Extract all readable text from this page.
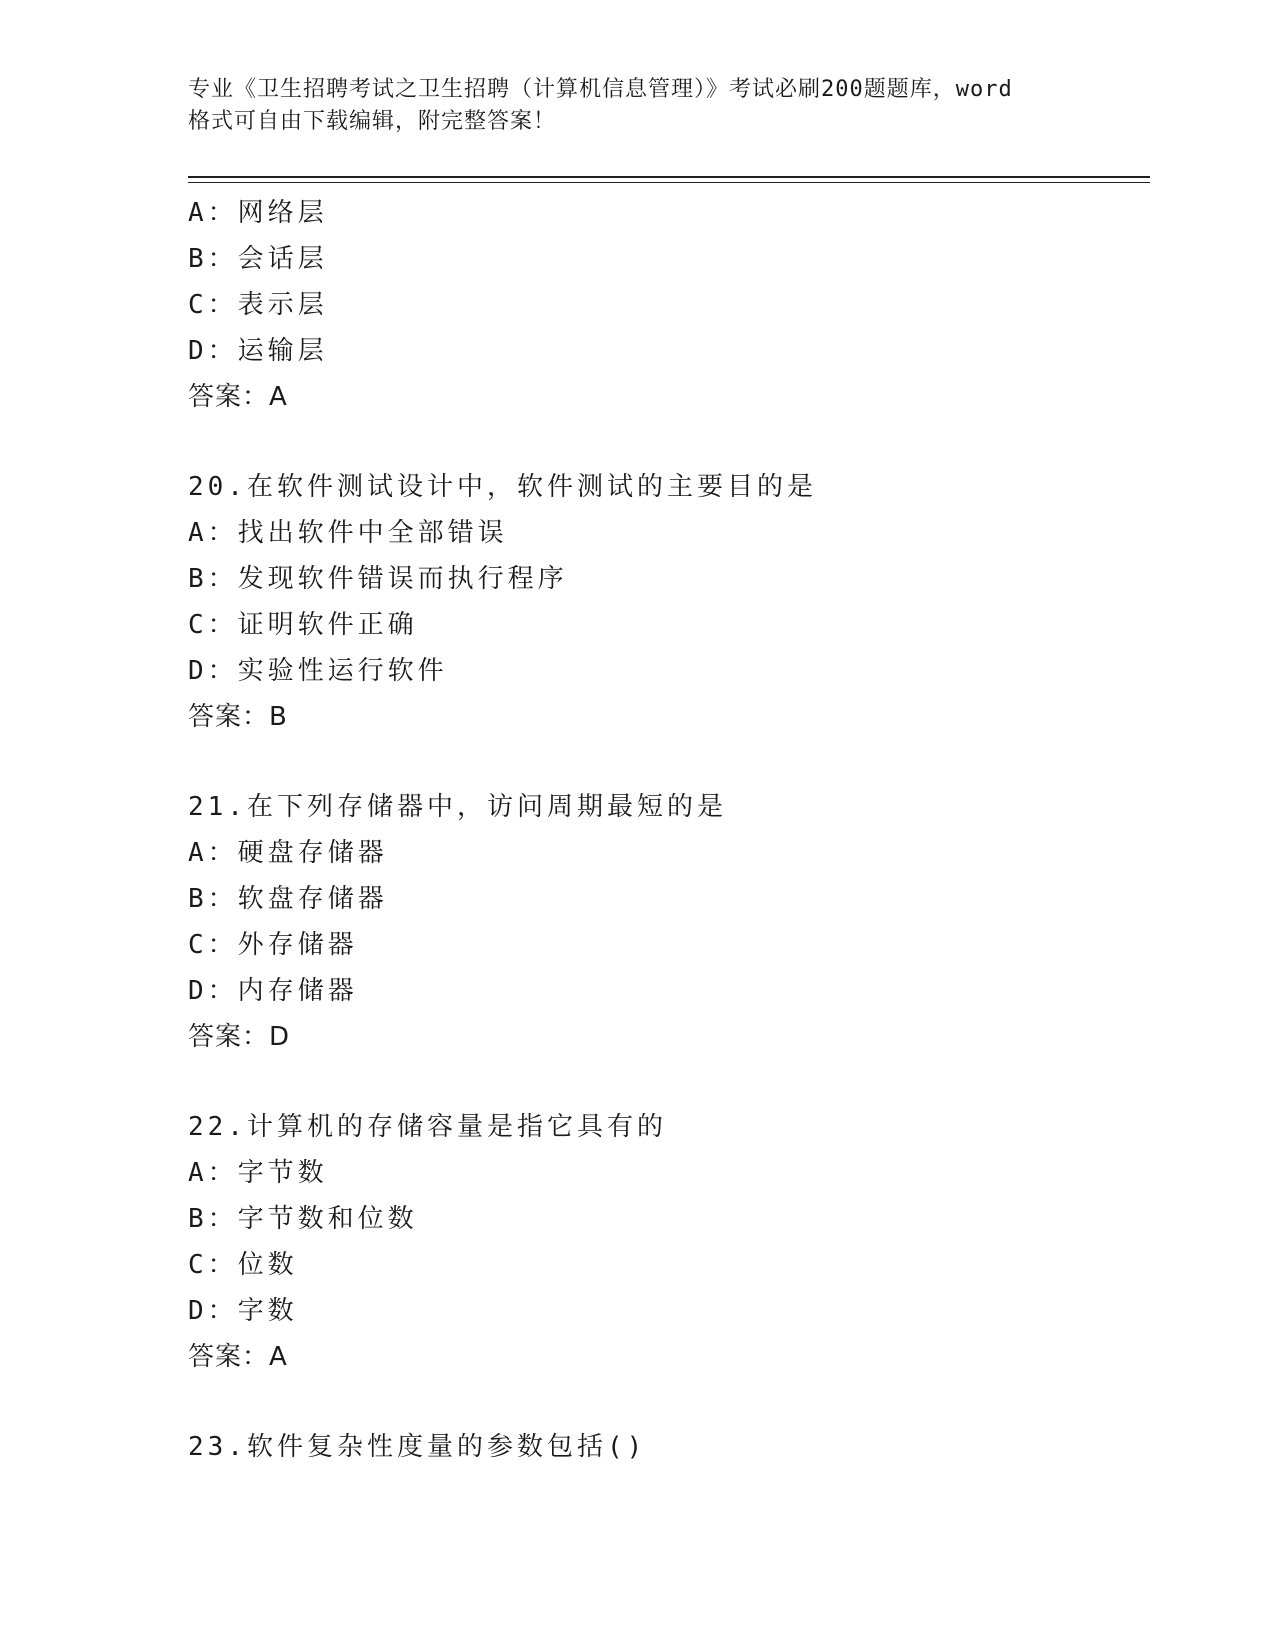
专业《卫生招聘考试之卫生招聘（计算机信息管理）》考试必刷200题题库，word
格式可自由下载编辑，附完整答案！
A：网络层
B：会话层
C：表示层
D：运输层
答案：A
20.在软件测试设计中，软件测试的主要目的是
A：找出软件中全部错误
B：发现软件错误而执行程序
C：证明软件正确
D：实验性运行软件
答案：B
21.在下列存储器中，访问周期最短的是
A：硬盘存储器
B：软盘存储器
C：外存储器
D：内存储器
答案：D
22.计算机的存储容量是指它具有的
A：字节数
B：字节数和位数
C：位数
D：字数
答案：A
23.软件复杂性度量的参数包括()
